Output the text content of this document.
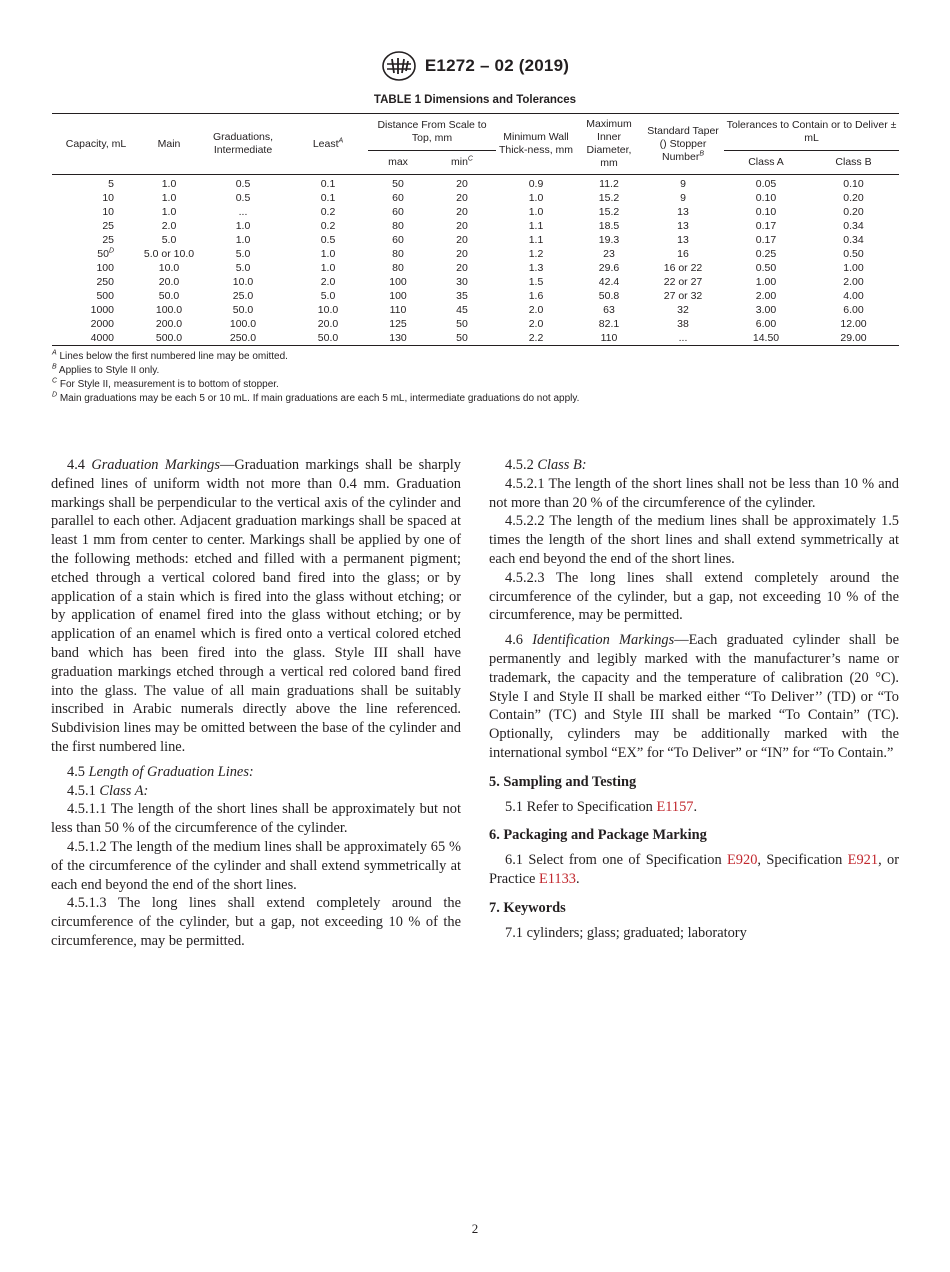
E1272 – 02 (2019)
TABLE 1 Dimensions and Tolerances
Capacity, mL	Main	Graduations, Intermediate	Least$^A$	Distance From Scale to Top, mm		Minimum Wall Thick-ness, mm	Maximum Inner Diameter, mm	Standard Taper () Stopper Number$^B$	Tolerances to Contain or to Deliver ± mL	
				max	$\min^C$				Class A	Class B
5	1.0	0.5	0.1	50	20	0.9	11.2	9	0.05	0.10
10	1.0	0.5	0.1	60	20	1.0	15.2	9	0.10	0.20
10	1.0	...	0.2	60	20	1.0	15.2	13	0.10	0.20
25	2.0	1.0	0.2	80	20	1.1	18.5	13	0.17	0.34
25	5.0	1.0	0.5	60	20	1.1	19.3	13	0.17	0.34
$50^D$	5.0 or 10.0	5.0	1.0	80	20	1.2	23	16	0.25	0.50
100	10.0	5.0	1.0	80	20	1.3	29.6	16 or 22	0.50	1.00
250	20.0	10.0	2.0	100	30	1.5	42.4	22 or 27	1.00	2.00
500	50.0	25.0	5.0	100	35	1.6	50.8	27 or 32	2.00	4.00
1000	100.0	50.0	10.0	110	45	2.0	63	32	3.00	6.00
2000	200.0	100.0	20.0	125	50	2.0	82.1	38	6.00	12.00
4000	500.0	250.0	50.0	130	50	2.2	110	...	14.50	29.00
$^A$ Lines below the first numbered line may be omitted.
$^B$ Applies to Style II only.
$^C$ For Style II, measurement is to bottom of stopper.
$^D$ Main graduations may be each 5 or 10 mL. If main graduations are each 5 mL, intermediate graduations do not apply.

4.4 Graduation Markings—Graduation markings shall be sharply defined lines of uniform width not more than 0.4 mm. Graduation markings shall be perpendicular to the vertical axis of the cylinder and parallel to each other. Adjacent graduation markings shall be spaced at least 1 mm from center to center. Markings shall be applied by one of the following methods: etched and filled with a permanent pigment; etched through a vertical colored band fired into the glass; or by application of a stain which is fired into the glass without etching; or by application of enamel fired into the glass without etching; or by application of an enamel which is fired onto a vertical colored etched band which has been fired into the glass. Style III shall have graduation markings etched through a vertical red colored band fired into the glass. The value of all main graduations shall be suitably inscribed in Arabic numerals directly above the line referenced. Subdivision lines may be omitted between the base of the cylinder and the first numbered line.

4.5 Length of Graduation Lines:

4.5.1 Class A:

4.5.1.1 The length of the short lines shall be approximately but not less than 50 % of the circumference of the cylinder.

4.5.1.2 The length of the medium lines shall be approximately 65 % of the circumference of the cylinder and shall extend symmetrically at each end beyond the end of the short lines.

4.5.1.3 The long lines shall extend completely around the circumference of the cylinder, but a gap, not exceeding 10 % of the circumference, may be permitted.

4.5.2 Class B:

4.5.2.1 The length of the short lines shall not be less than 10 % and not more than 20 % of the circumference of the cylinder.

4.5.2.2 The length of the medium lines shall be approximately 1.5 times the length of the short lines and shall extend symmetrically at each end beyond the end of the short lines.

4.5.2.3 The long lines shall extend completely around the circumference of the cylinder, but a gap, not exceeding 10 % of the circumference, may be permitted.

4.6 Identification Markings—Each graduated cylinder shall be permanently and legibly marked with the manufacturer’s name or trademark, the capacity and the temperature of calibration (20 °C). Style I and Style II shall be marked either “To Deliver’’ (TD) or “To Contain” (TC) and Style III shall be marked “To Contain” (TC). Optionally, cylinders may be additionally marked with the international symbol “EX” for “To Deliver” or “IN” for “To Contain.”

5. Sampling and Testing

5.1 Refer to Specification E1157.

6. Packaging and Package Marking

6.1 Select from one of Specification E920, Specification E921, or Practice E1133.

7. Keywords

7.1 cylinders; glass; graduated; laboratory

2
